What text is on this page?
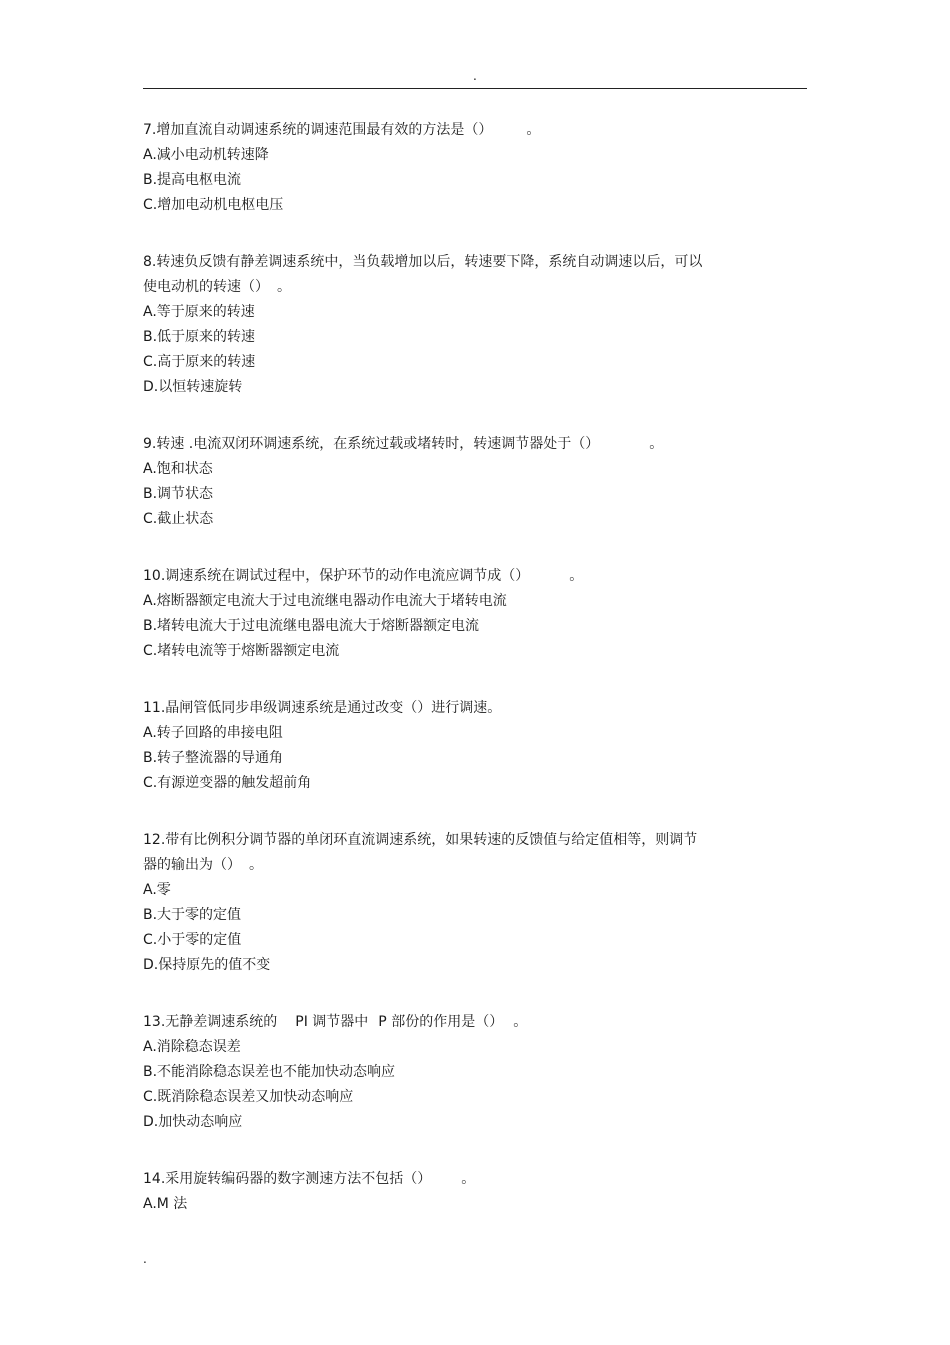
.
7.增加直流自动调速系统的调速范围最有效的方法是（） 。
A.减小电动机转速降
B.提高电枢电流
C.增加电动机电枢电压
8.转速负反馈有静差调速系统中，当负载增加以后，转速要下降，系统自动调速以后，可以
使电动机的转速（） 。
A.等于原来的转速
B.低于原来的转速
C.高于原来的转速
D.以恒转速旋转
9.转速 .电流双闭环调速系统，在系统过载或堵转时，转速调节器处于（）	。
A.饱和状态
B.调节状态
C.截止状态
10.调速系统在调试过程中，保护环节的动作电流应调节成（）	。
A.熔断器额定电流大于过电流继电器动作电流大于堵转电流
B.堵转电流大于过电流继电器电流大于熔断器额定电流
C.堵转电流等于熔断器额定电流
11.晶闸管低同步串级调速系统是通过改变（）进行调速。
A.转子回路的串接电阻
B.转子整流器的导通角
C.有源逆变器的触发超前角
12.带有比例积分调节器的单闭环直流调速系统，如果转速的反馈值与给定值相等，则调节
器的输出为（） 。
A.零
B.大于零的定值
C.小于零的定值
D.保持原先的值不变
13.无静差调速系统的 PI 调节器中 P 部份的作用是（） 。
A.消除稳态误差
B.不能消除稳态误差也不能加快动态响应
C.既消除稳态误差又加快动态响应
D.加快动态响应
14.采用旋转编码器的数字测速方法不包括（） 。
A.M 法
.
